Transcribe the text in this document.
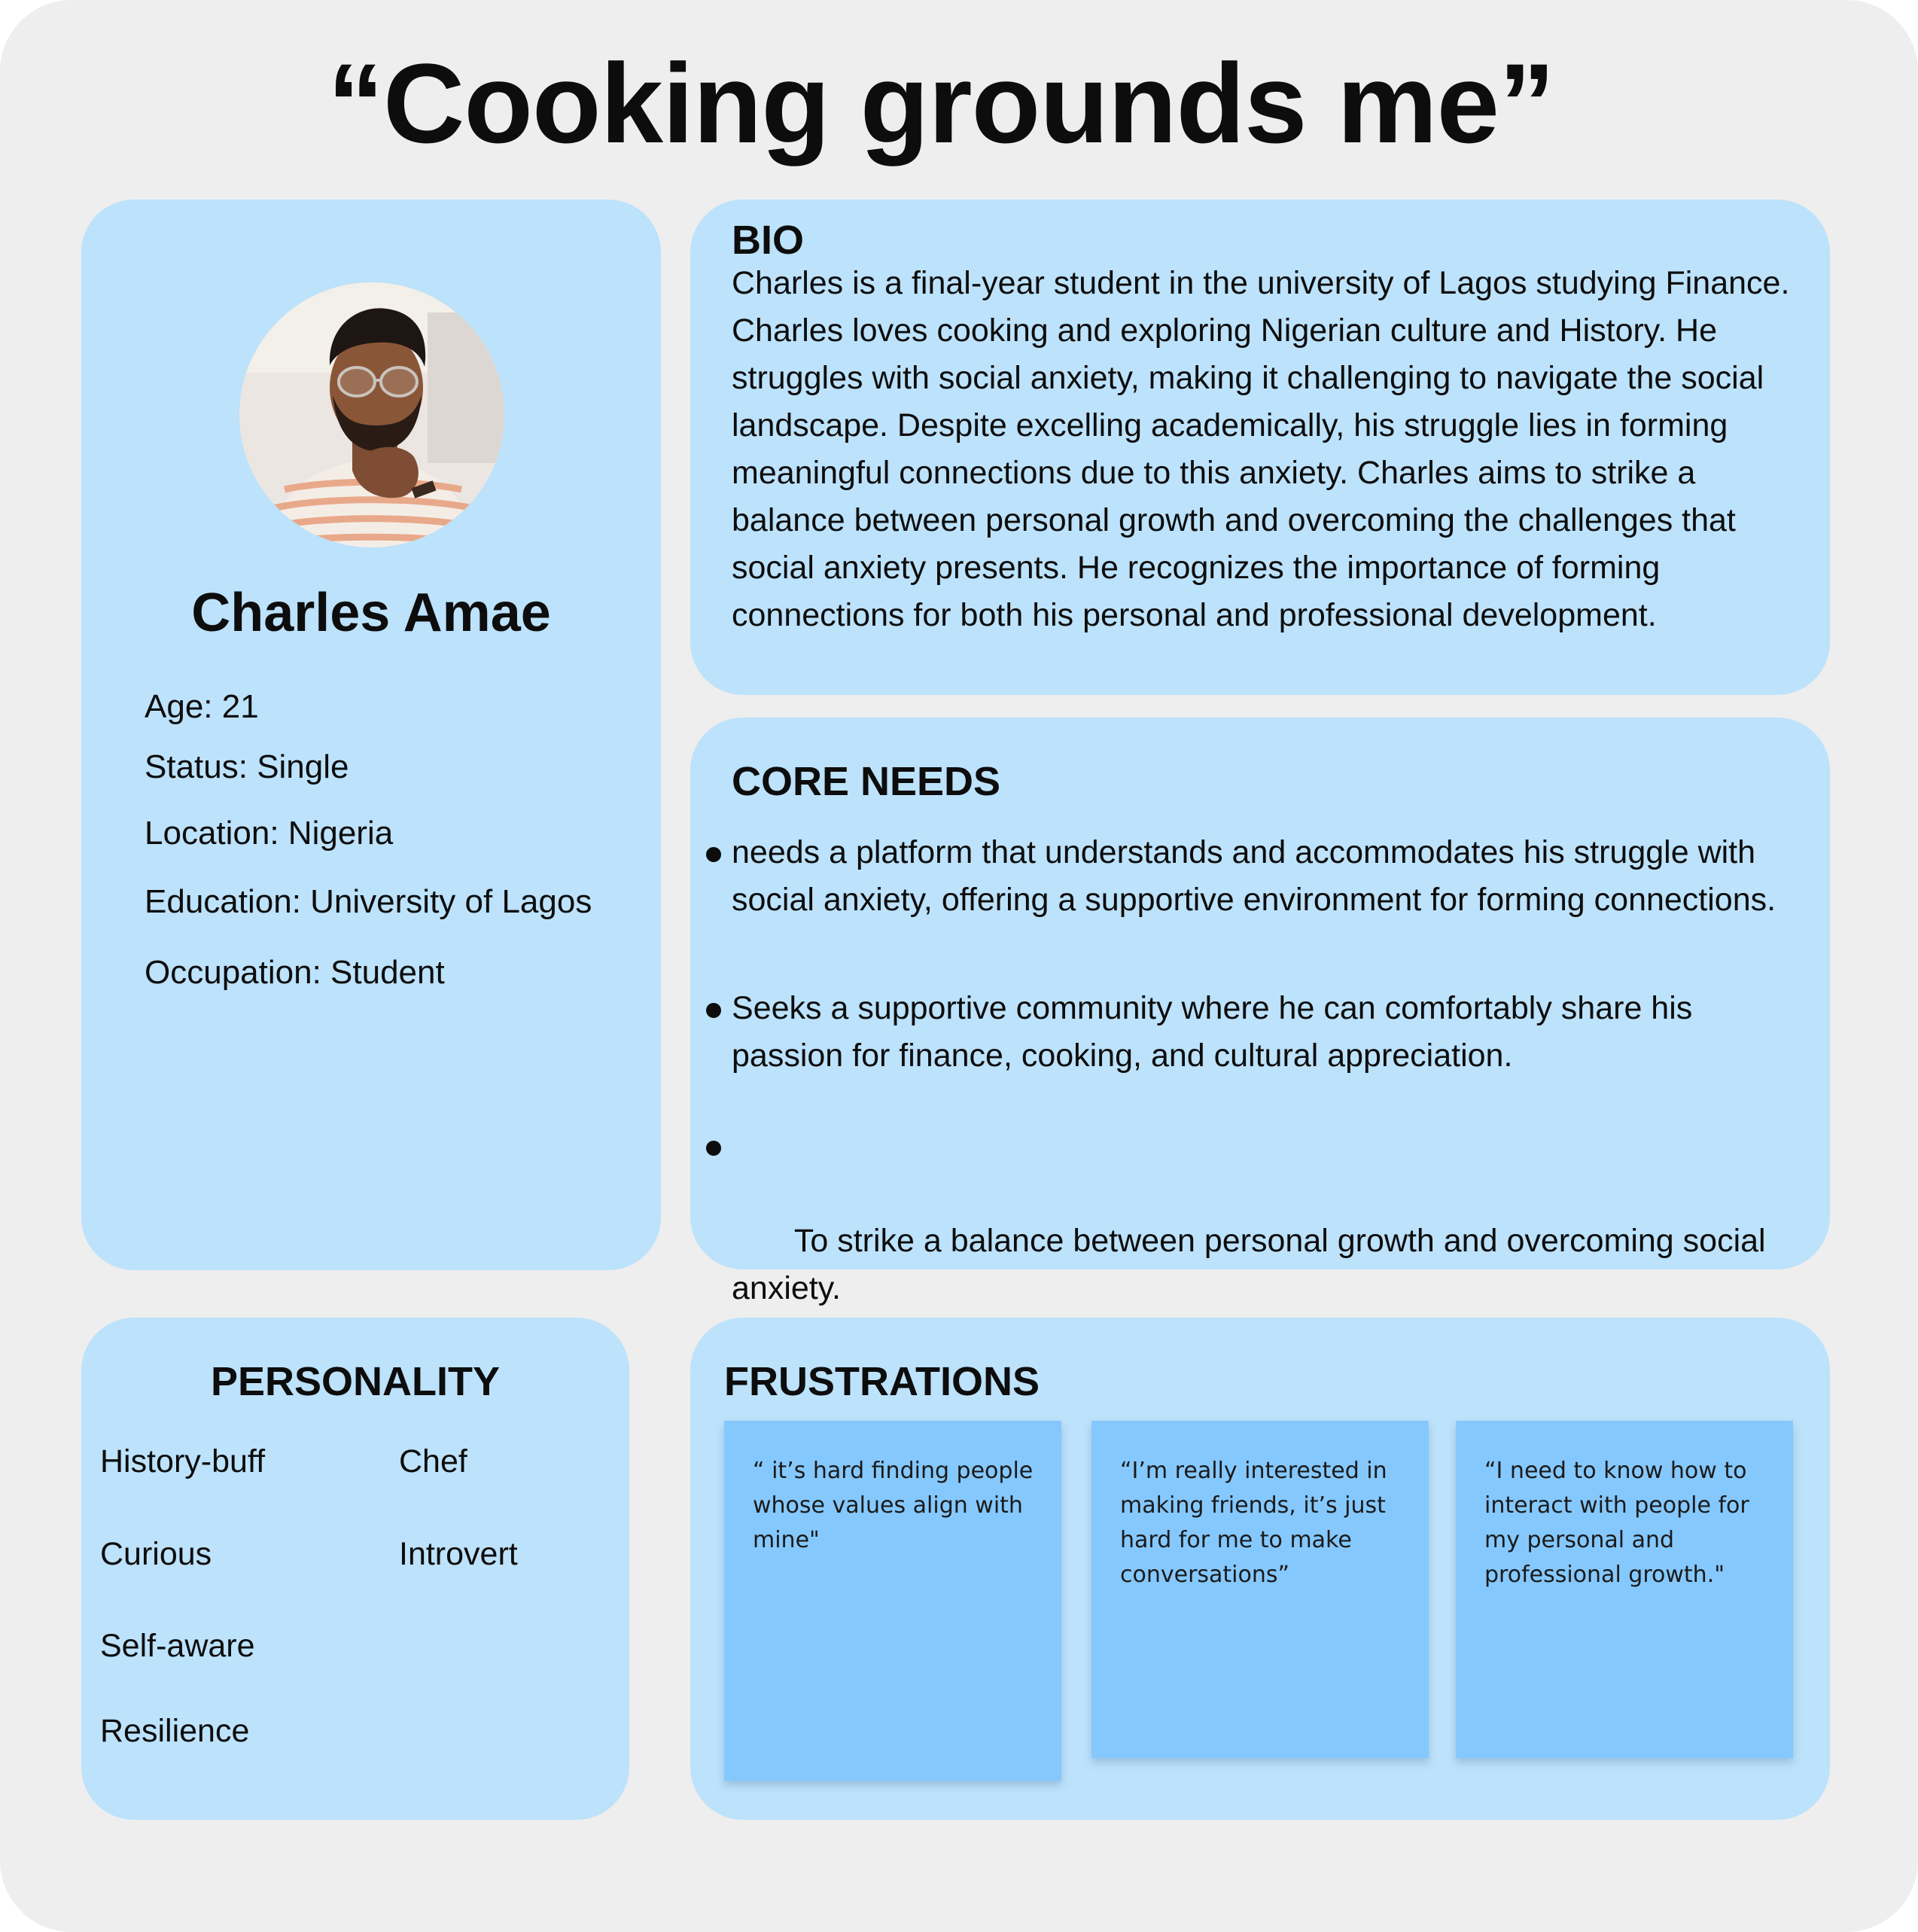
“Cooking grounds me”
Charles Amae
Age: 21
Status: Single
Location: Nigeria
Education: University of Lagos
Occupation: Student
BIO

Charles is a final-year student in the university of Lagos studying Finance. Charles loves cooking and exploring Nigerian culture and History. He struggles with social anxiety, making it challenging to navigate the social landscape. Despite excelling academically, his struggle lies in forming meaningful connections due to this anxiety. Charles aims to strike a balance between personal growth and overcoming the challenges that social anxiety presents. He recognizes the importance of forming connections for both his personal and professional development.

CORE NEEDS
needs a platform that understands and accommodates his struggle with social anxiety, offering a supportive environment for forming connections.
Seeks a supportive community where he can comfortably share his passion for finance, cooking, and cultural appreciation.

To strike a balance between personal growth and overcoming social anxiety.

PERSONALITY
History-buff	Chef
Curious	Introvert
Self-aware
Resilience
FRUSTRATIONS
“ it’s hard finding people whose values align with mine"
“I’m really interested in making friends, it’s just hard for me to make conversations”
“I need to know how to interact with people for my personal and professional growth."
